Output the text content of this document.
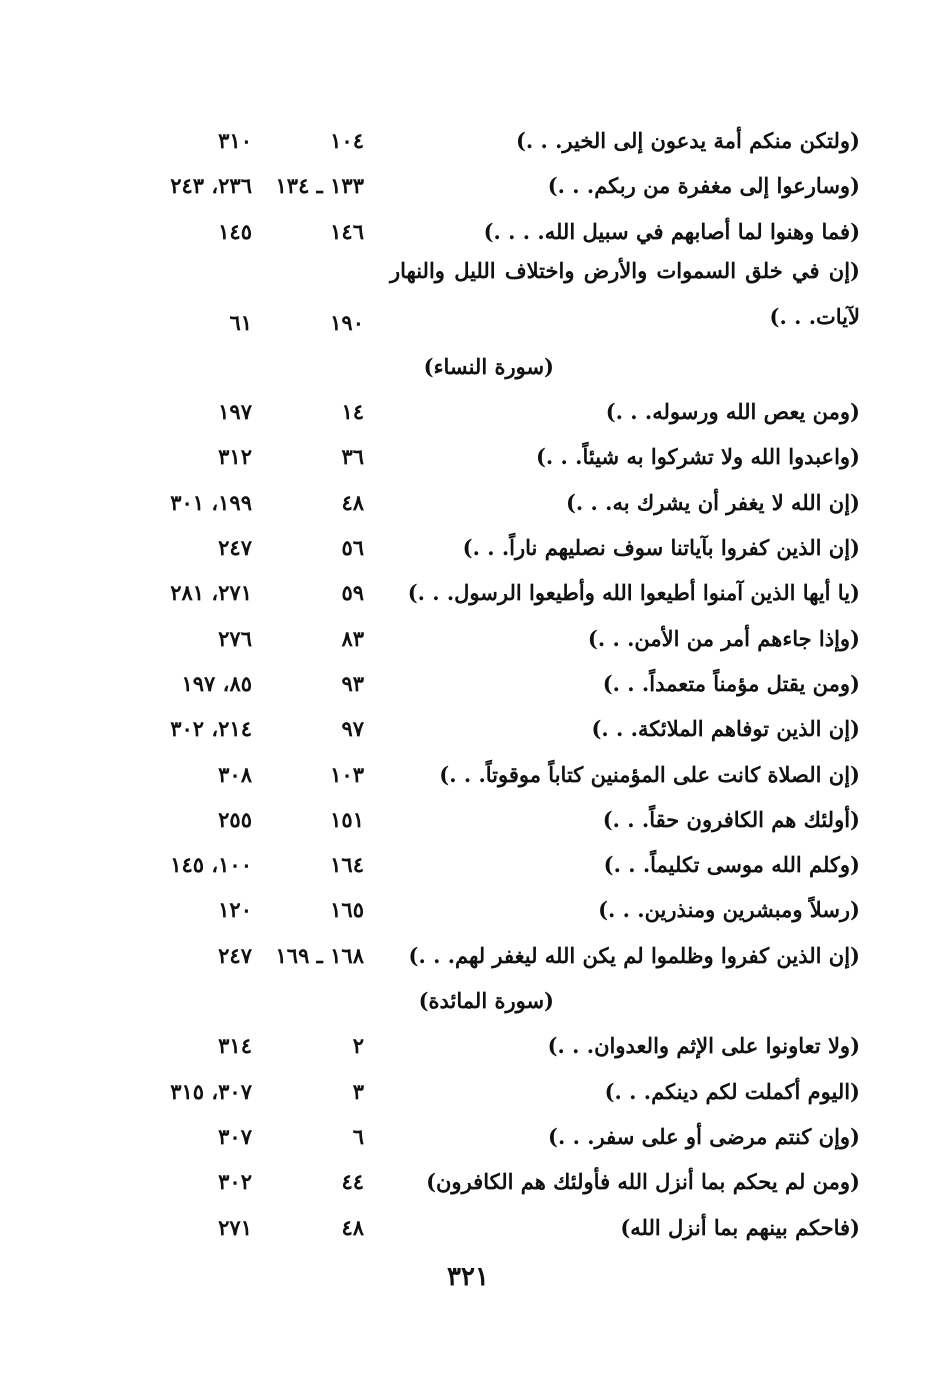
(ولتكن منكم أمة يدعون إلى الخير. . .)
١٠٤
٣١٠
(وسارعوا إلى مغفرة من ربكم. . .)
١٣٣ ـ ١٣٤
٢٣٦، ٢٤٣
(فما وهنوا لما أصابهم في سبيل الله. . . .)
١٤٦
١٤٥
(إن في خلق السموات والأرض واختلاف الليل والنهار لآيات. . .)
١٩٠
٦١
(سورة النساء)
(ومن يعص الله ورسوله. . .)
١٤
١٩٧
(واعبدوا الله ولا تشركوا به شيئاً. . .)
٣٦
٣١٢
(إن الله لا يغفر أن يشرك به. . .)
٤٨
١٩٩، ٣٠١
(إن الذين كفروا بآياتنا سوف نصليهم ناراً. . .)
٥٦
٢٤٧
(يا أيها الذين آمنوا أطيعوا الله وأطيعوا الرسول. . .)
٥٩
٢٧١، ٢٨١
(وإذا جاءهم أمر من الأمن. . .)
٨٣
٢٧٦
(ومن يقتل مؤمناً متعمداً. . .)
٩٣
٨٥، ١٩٧
(إن الذين توفاهم الملائكة. . .)
٩٧
٢١٤، ٣٠٢
(إن الصلاة كانت على المؤمنين كتاباً موقوتاً. . .)
١٠٣
٣٠٨
(أولئك هم الكافرون حقاً. . .)
١٥١
٢٥٥
(وكلم الله موسى تكليماً. . .)
١٦٤
١٠٠، ١٤٥
(رسلاً ومبشرين ومنذرين. . .)
١٦٥
١٢٠
(إن الذين كفروا وظلموا لم يكن الله ليغفر لهم. . .)
١٦٨ ـ ١٦٩
٢٤٧
(سورة المائدة)
(ولا تعاونوا على الإثم والعدوان. . .)
٢
٣١٤
(اليوم أكملت لكم دينكم. . .)
٣
٣٠٧، ٣١٥
(وإن كنتم مرضى أو على سفر. . .)
٦
٣٠٧
(ومن لم يحكم بما أنزل الله فأولئك هم الكافرون)
٤٤
٣٠٢
(فاحكم بينهم بما أنزل الله)
٤٨
٢٧١
٣٢١
